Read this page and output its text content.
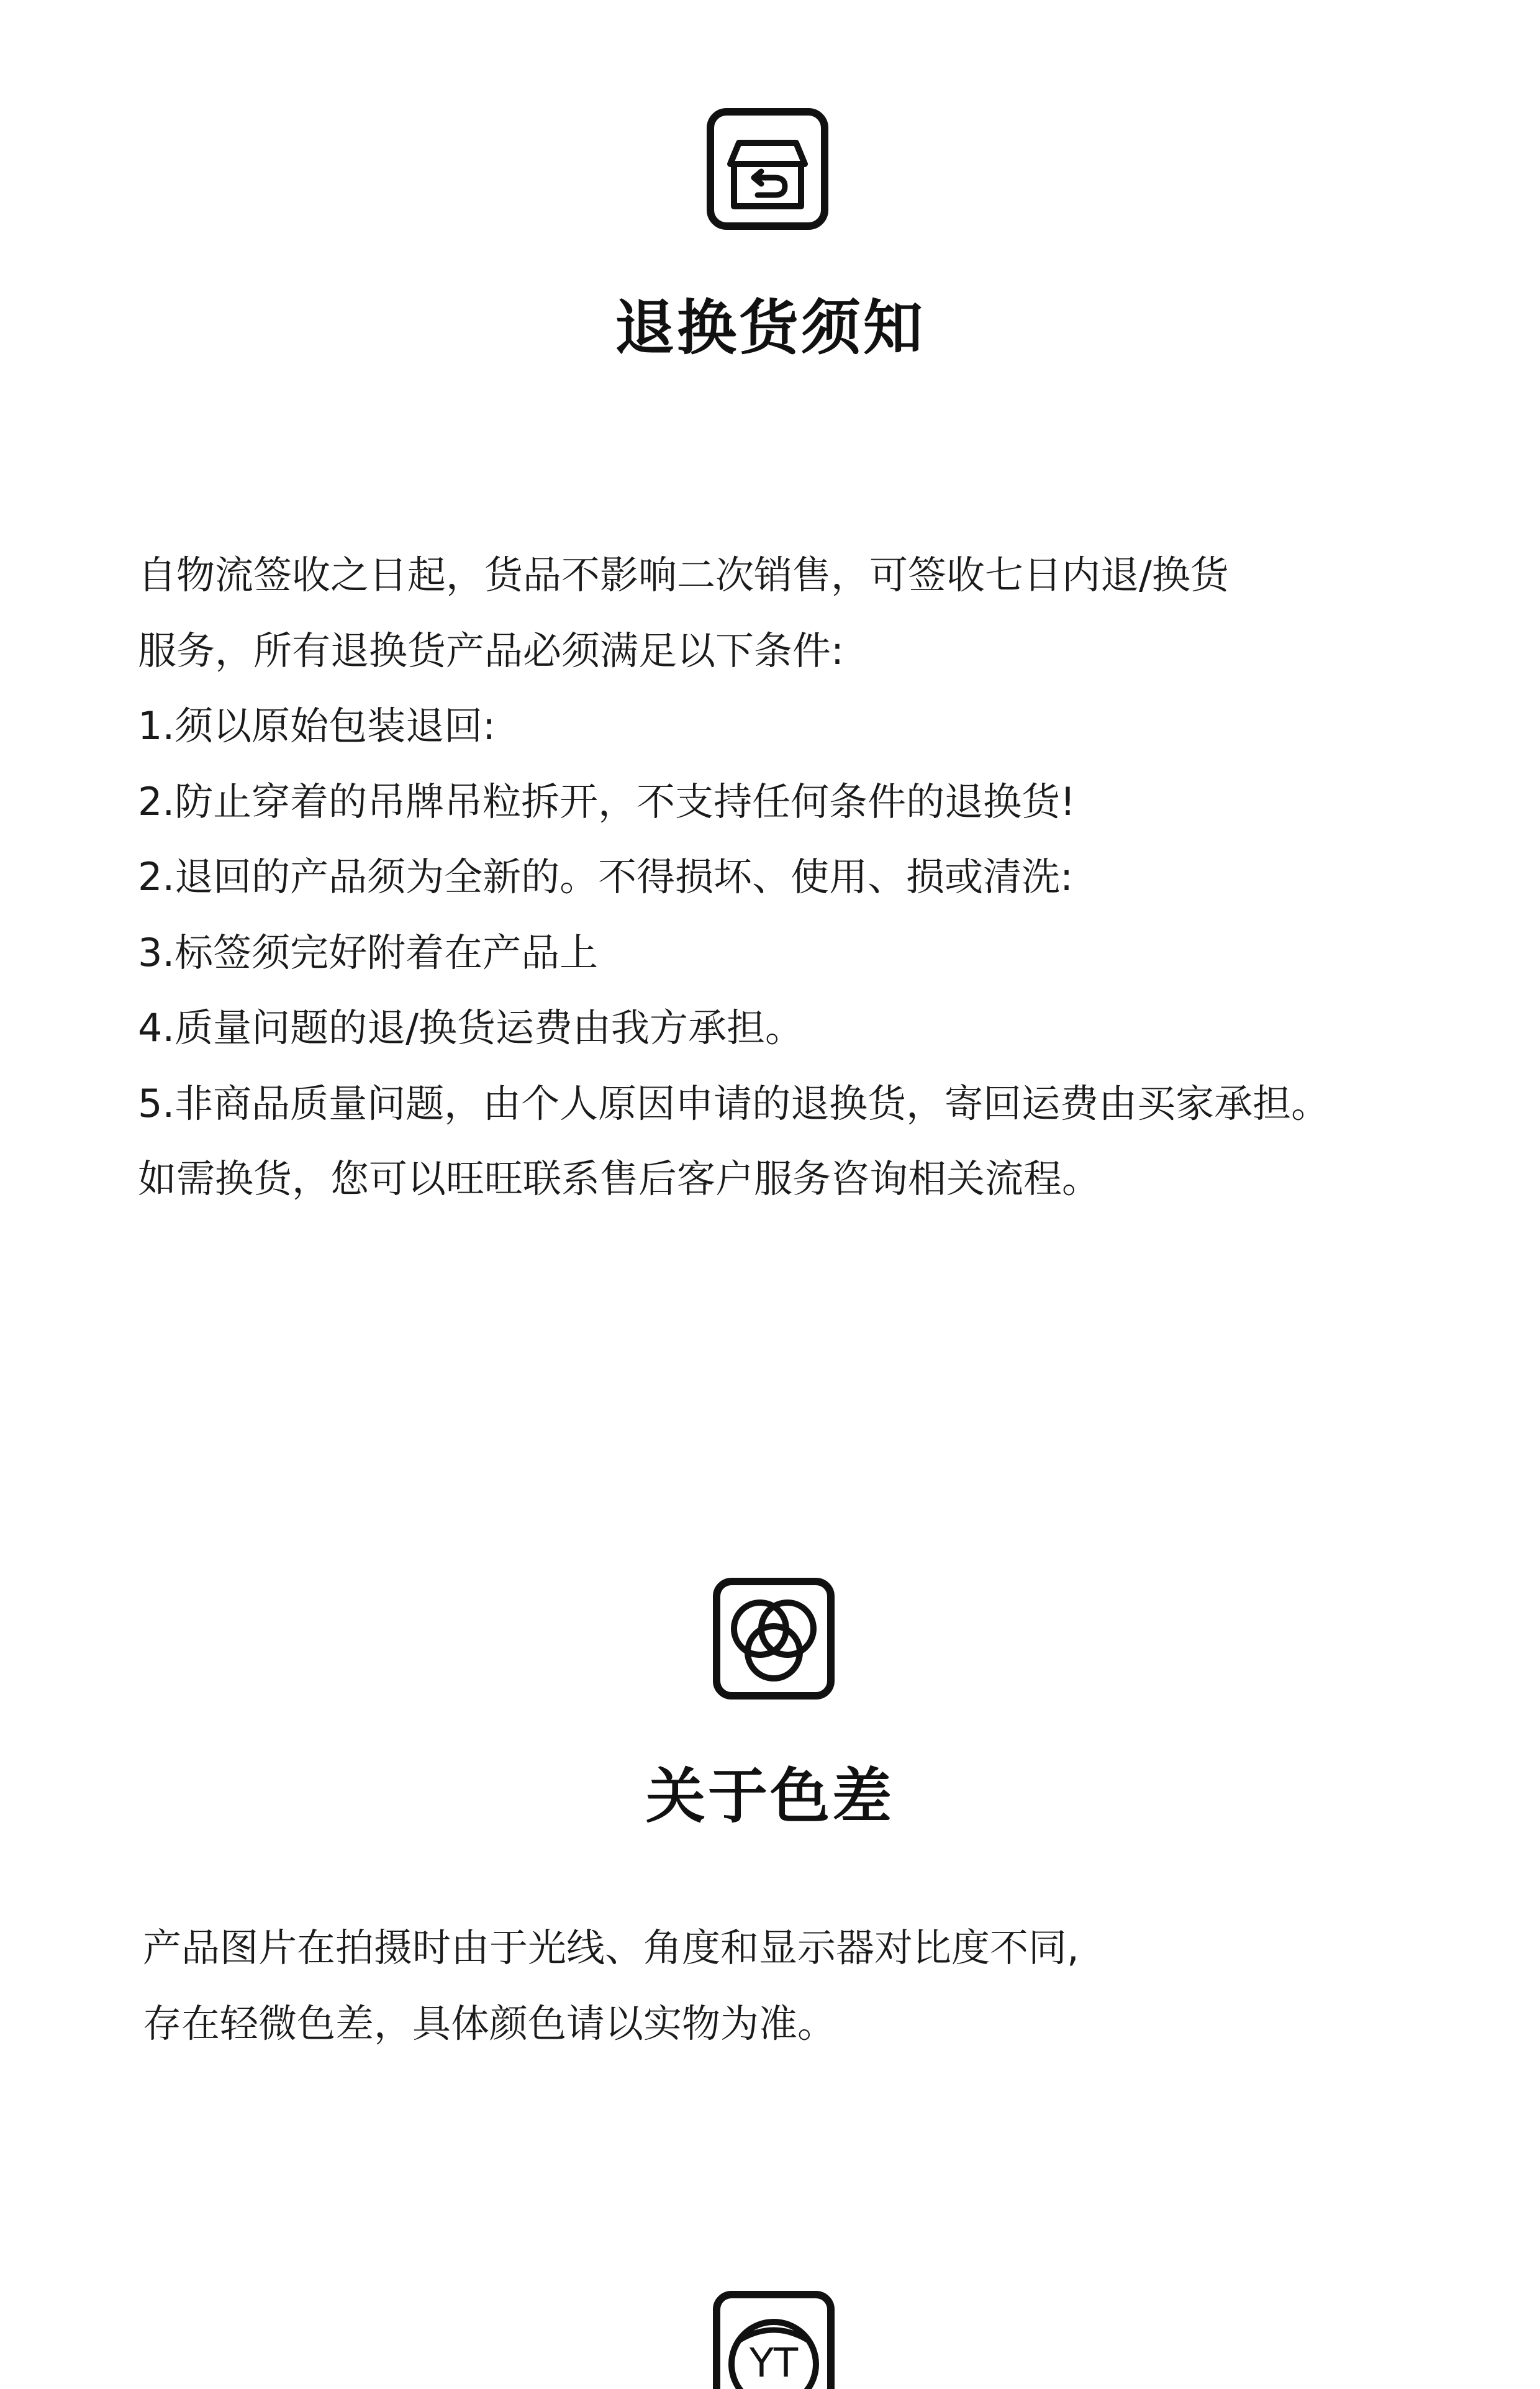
退换货须知
自物流签收之日起，货品不影响二次销售，可签收七日内退/换货
服务，所有退换货产品必须满足以下条件:
1.须以原始包装退回:
2.防止穿着的吊牌吊粒拆开，不支持任何条件的退换货!
2.退回的产品须为全新的。不得损坏、使用、损或清洗:
3.标签须完好附着在产品上
4.质量问题的退/换货运费由我方承担。
5.非商品质量问题，由个人原因申请的退换货，寄回运费由买家承担。
如需换货，您可以旺旺联系售后客户服务咨询相关流程。
关于色差
产品图片在拍摄时由于光线、角度和显示器对比度不同,
存在轻微色差，具体颜色请以实物为准。
YT
